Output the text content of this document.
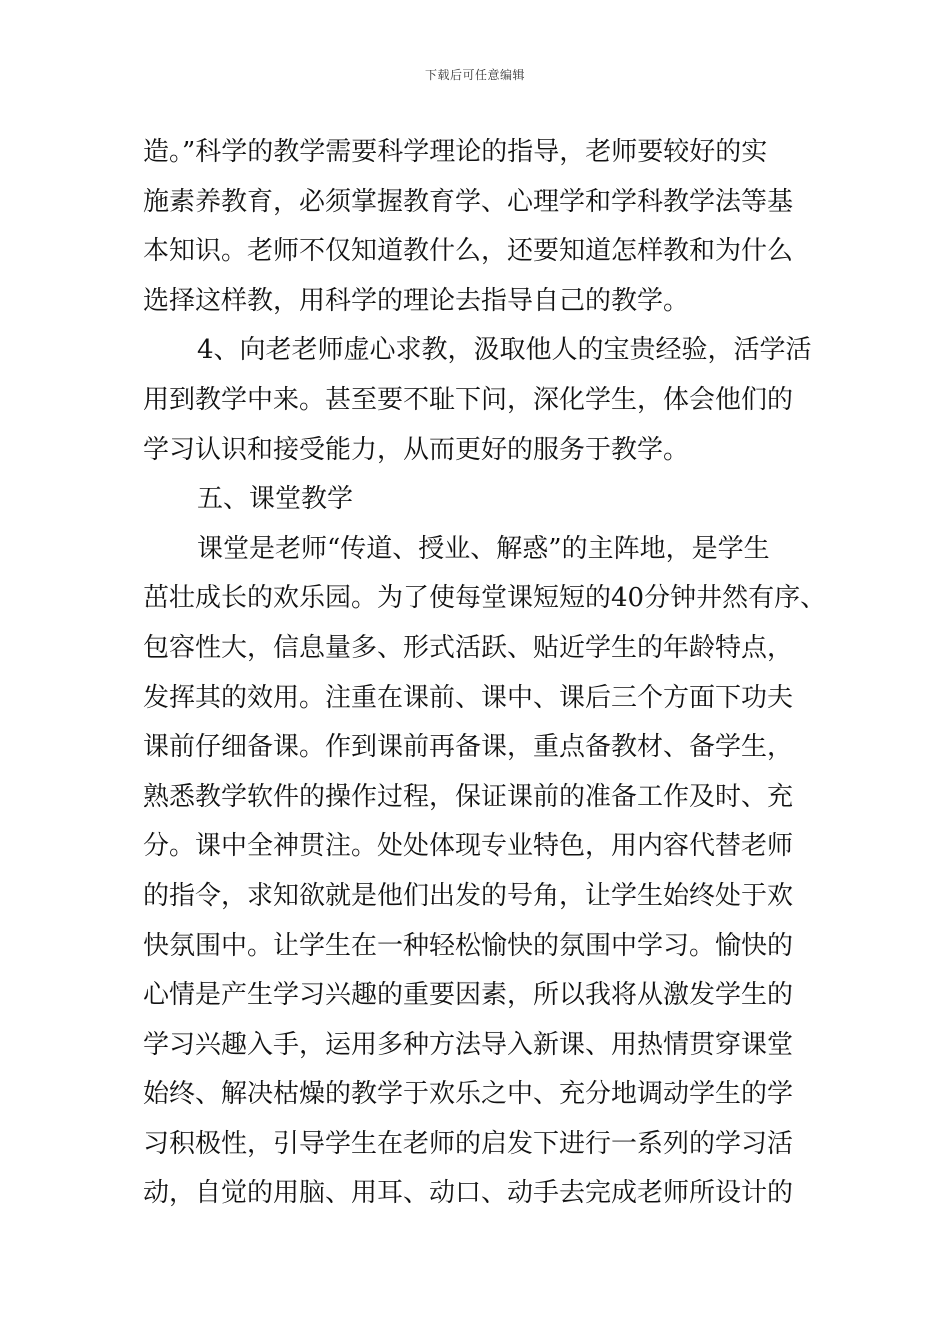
下载后可任意编辑
造。”科学的教学需要科学理论的指导，老师要较好的实
施素养教育，必须掌握教育学、心理学和学科教学法等基
本知识。老师不仅知道教什么，还要知道怎样教和为什么
选择这样教，用科学的理论去指导自己的教学。
4、向老老师虚心求教，汲取他人的宝贵经验，活学活
用到教学中来。甚至要不耻下问，深化学生，体会他们的
学习认识和接受能力，从而更好的服务于教学。
五、课堂教学
课堂是老师“传道、授业、解惑”的主阵地，是学生
茁壮成长的欢乐园。为了使每堂课短短的40分钟井然有序、
包容性大，信息量多、形式活跃、贴近学生的年龄特点，
发挥其的效用。注重在课前、课中、课后三个方面下功夫
课前仔细备课。作到课前再备课，重点备教材、备学生，
熟悉教学软件的操作过程，保证课前的准备工作及时、充
分。课中全神贯注。处处体现专业特色，用内容代替老师
的指令，求知欲就是他们出发的号角，让学生始终处于欢
快氛围中。让学生在一种轻松愉快的氛围中学习。愉快的
心情是产生学习兴趣的重要因素，所以我将从激发学生的
学习兴趣入手，运用多种方法导入新课、用热情贯穿课堂
始终、解决枯燥的教学于欢乐之中、充分地调动学生的学
习积极性，引导学生在老师的启发下进行一系列的学习活
动，自觉的用脑、用耳、动口、动手去完成老师所设计的
